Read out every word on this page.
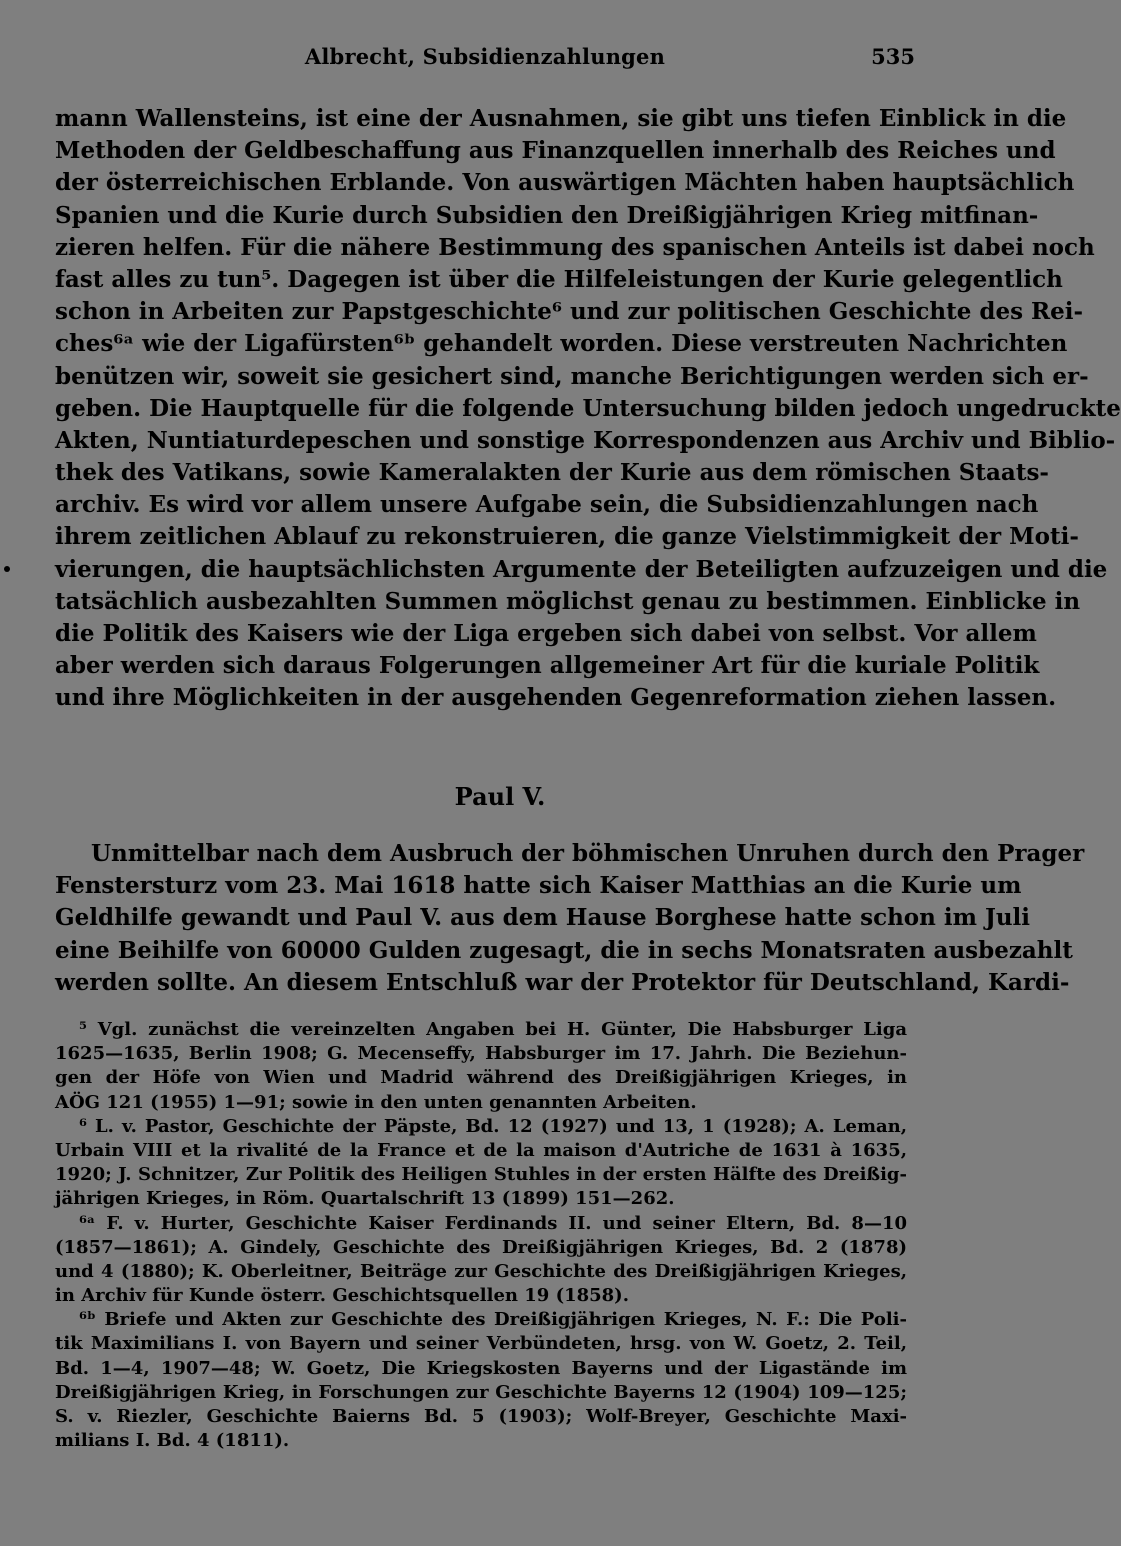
Albrecht, Subsidienzahlungen	535
mann Wallensteins, ist eine der Ausnahmen, sie gibt uns tiefen Einblick in die
Methoden der Geldbeschaffung aus Finanzquellen innerhalb des Reiches und
der österreichischen Erblande. Von auswärtigen Mächten haben hauptsächlich
Spanien und die Kurie durch Subsidien den Dreißigjährigen Krieg mitfinan-
zieren helfen. Für die nähere Bestimmung des spanischen Anteils ist dabei noch
fast alles zu tun⁵. Dagegen ist über die Hilfeleistungen der Kurie gelegentlich
schon in Arbeiten zur Papstgeschichte⁶ und zur politischen Geschichte des Rei-
ches⁶ᵃ wie der Ligafürsten⁶ᵇ gehandelt worden. Diese verstreuten Nachrichten
benützen wir, soweit sie gesichert sind, manche Berichtigungen werden sich er-
geben. Die Hauptquelle für die folgende Untersuchung bilden jedoch ungedruckte
Akten, Nuntiaturdepeschen und sonstige Korrespondenzen aus Archiv und Biblio-
thek des Vatikans, sowie Kameralakten der Kurie aus dem römischen Staats-
archiv. Es wird vor allem unsere Aufgabe sein, die Subsidienzahlungen nach
ihrem zeitlichen Ablauf zu rekonstruieren, die ganze Vielstimmigkeit der Moti-
vierungen, die hauptsächlichsten Argumente der Beteiligten aufzuzeigen und die
tatsächlich ausbezahlten Summen möglichst genau zu bestimmen. Einblicke in
die Politik des Kaisers wie der Liga ergeben sich dabei von selbst. Vor allem
aber werden sich daraus Folgerungen allgemeiner Art für die kuriale Politik
und ihre Möglichkeiten in der ausgehenden Gegenreformation ziehen lassen.
Paul V.
Unmittelbar nach dem Ausbruch der böhmischen Unruhen durch den Prager
Fenstersturz vom 23. Mai 1618 hatte sich Kaiser Matthias an die Kurie um
Geldhilfe gewandt und Paul V. aus dem Hause Borghese hatte schon im Juli
eine Beihilfe von 60000 Gulden zugesagt, die in sechs Monatsraten ausbezahlt
werden sollte. An diesem Entschluß war der Protektor für Deutschland, Kardi-
⁵ Vgl. zunächst die vereinzelten Angaben bei H. Günter, Die Habsburger Liga
1625—1635, Berlin 1908; G. Mecenseffy, Habsburger im 17. Jahrh. Die Beziehun-
gen der Höfe von Wien und Madrid während des Dreißigjährigen Krieges, in
AÖG 121 (1955) 1—91; sowie in den unten genannten Arbeiten.
⁶ L. v. Pastor, Geschichte der Päpste, Bd. 12 (1927) und 13, 1 (1928); A. Leman,
Urbain VIII et la rivalité de la France et de la maison d'Autriche de 1631 à 1635,
1920; J. Schnitzer, Zur Politik des Heiligen Stuhles in der ersten Hälfte des Dreißig-
jährigen Krieges, in Röm. Quartalschrift 13 (1899) 151—262.
⁶ᵃ F. v. Hurter, Geschichte Kaiser Ferdinands II. und seiner Eltern, Bd. 8—10
(1857—1861); A. Gindely, Geschichte des Dreißigjährigen Krieges, Bd. 2 (1878)
und 4 (1880); K. Oberleitner, Beiträge zur Geschichte des Dreißigjährigen Krieges,
in Archiv für Kunde österr. Geschichtsquellen 19 (1858).
⁶ᵇ Briefe und Akten zur Geschichte des Dreißigjährigen Krieges, N. F.: Die Poli-
tik Maximilians I. von Bayern und seiner Verbündeten, hrsg. von W. Goetz, 2. Teil,
Bd. 1—4, 1907—48; W. Goetz, Die Kriegskosten Bayerns und der Ligastände im
Dreißigjährigen Krieg, in Forschungen zur Geschichte Bayerns 12 (1904) 109—125;
S. v. Riezler, Geschichte Baierns Bd. 5 (1903); Wolf-Breyer, Geschichte Maxi-
milians I. Bd. 4 (1811).
